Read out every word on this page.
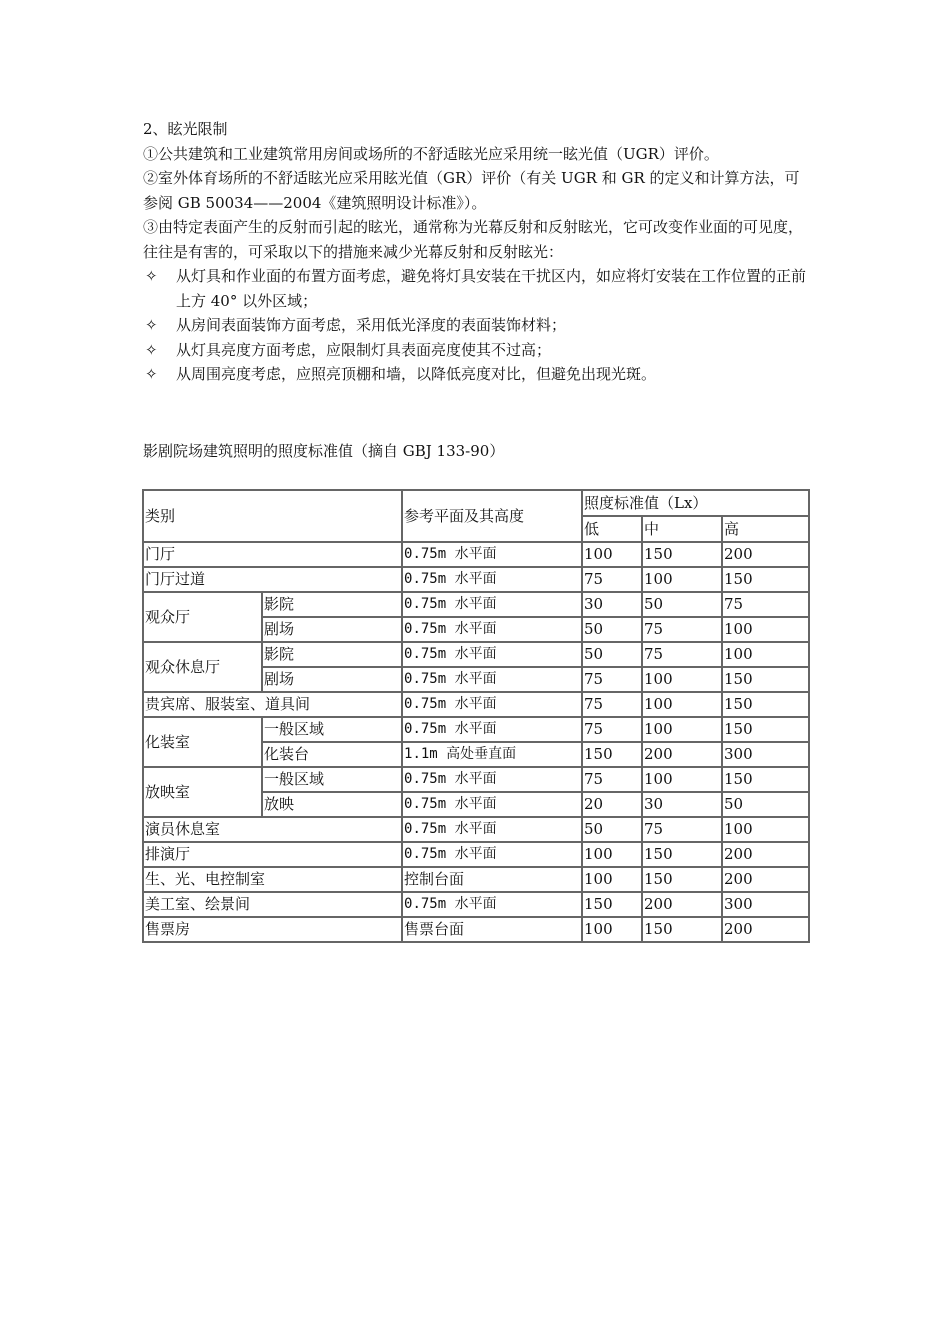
2、眩光限制

①公共建筑和工业建筑常用房间或场所的不舒适眩光应采用统一眩光值（UGR）评价。

②室外体育场所的不舒适眩光应采用眩光值（GR）评价（有关 UGR 和 GR 的定义和计算方法，可参阅 GB 50034——2004《建筑照明设计标准》）。

③由特定表面产生的反射而引起的眩光，通常称为光幕反射和反射眩光，它可改变作业面的可见度，往往是有害的，可采取以下的措施来减少光幕反射和反射眩光：

✧ 从灯具和作业面的布置方面考虑，避免将灯具安装在干扰区内，如应将灯安装在工作位置的正前上方 40° 以外区域；
✧ 从房间表面装饰方面考虑，采用低光泽度的表面装饰材料；
✧ 从灯具亮度方面考虑，应限制灯具表面亮度使其不过高；
✧ 从周围亮度考虑，应照亮顶棚和墙，以降低亮度对比，但避免出现光斑。
影剧院场建筑照明的照度标准值（摘自 GBJ 133-90）
类别		参考平面及其高度	照度标准值（Lx）		
			低	中	高
门厅		0.75m 水平面	100	150	200
门厅过道		0.75m 水平面	75	100	150
观众厅	影院	0.75m 水平面	30	50	75
	剧场	0.75m 水平面	50	75	100
观众休息厅	影院	0.75m 水平面	50	75	100
	剧场	0.75m 水平面	75	100	150
贵宾席、服装室、道具间		0.75m 水平面	75	100	150
化装室	一般区域	0.75m 水平面	75	100	150
	化装台	1.1m 高处垂直面	150	200	300
放映室	一般区域	0.75m 水平面	75	100	150
	放映	0.75m 水平面	20	30	50
演员休息室		0.75m 水平面	50	75	100
排演厅		0.75m 水平面	100	150	200
生、光、电控制室		控制台面	100	150	200
美工室、绘景间		0.75m 水平面	150	200	300
售票房		售票台面	100	150	200
